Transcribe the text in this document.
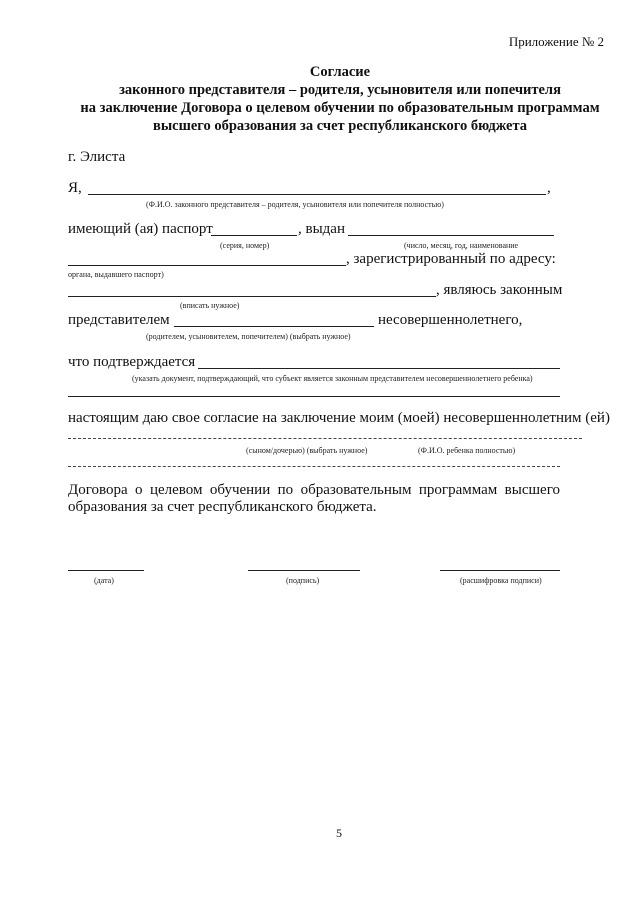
Приложение № 2
Согласие
законного представителя – родителя, усыновителя или попечителя
на заключение Договора о целевом обучении по образовательным программам
высшего образования за счет республиканского бюджета
г. Элиста
Я,	,
(Ф.И.О. законного представителя – родителя, усыновителя или попечителя полностью)
имеющий (ая) паспорт	, выдан
(серия, номер)	(число, месяц, год, наименование
, зарегистрированный по адресу:
органа, выдавшего паспорт)
, являюсь законным
(вписать нужное)
представителем	несовершеннолетнего,
(родителем, усыновителем, попечителем) (выбрать нужное)
что подтверждается
(указать документ, подтверждающий, что субъект является законным представителем несовершеннолетнего ребенка)
настоящим даю свое согласие на заключение моим (моей) несовершеннолетним (ей)
(сыном/дочерью) (выбрать нужное)	(Ф.И.О. ребенка полностью)
Договора о целевом обучении по образовательным программам высшего
образования за счет республиканского бюджета.
(дата)	(подпись)	(расшифровка подписи)
5
